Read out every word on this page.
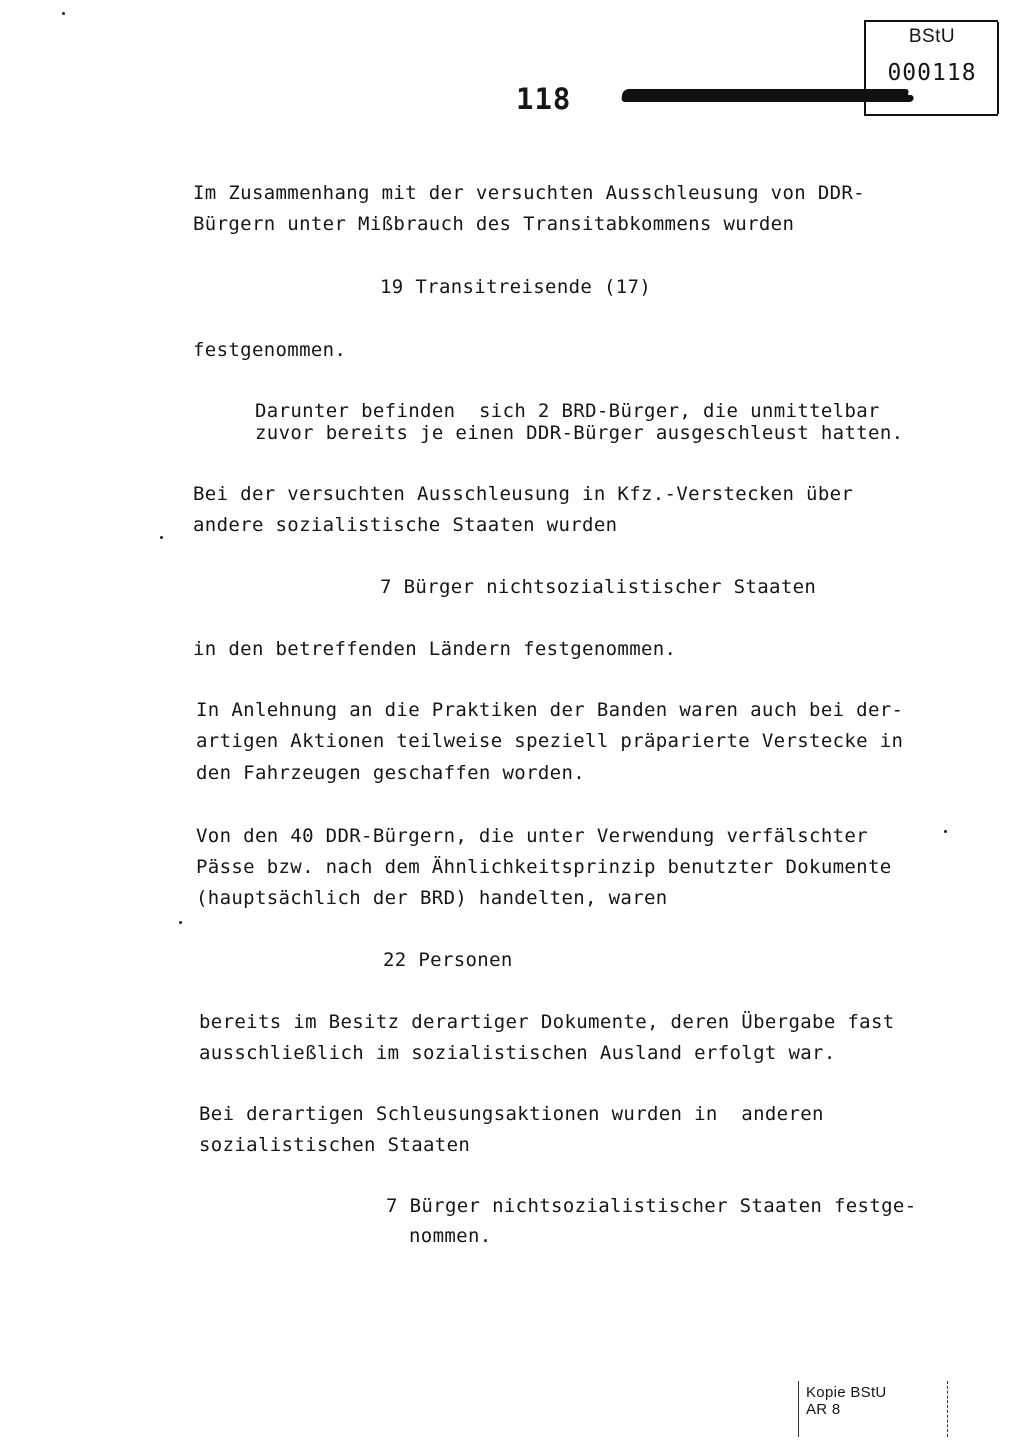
BStU
000118
118
Im Zusammenhang mit der versuchten Ausschleusung von DDR-
Bürgern unter Mißbrauch des Transitabkommens wurden
19 Transitreisende (17)
festgenommen.
Darunter befinden  sich 2 BRD-Bürger, die unmittelbar
zuvor bereits je einen DDR-Bürger ausgeschleust hatten.
Bei der versuchten Ausschleusung in Kfz.-Verstecken über
andere sozialistische Staaten wurden
7 Bürger nichtsozialistischer Staaten
in den betreffenden Ländern festgenommen.
In Anlehnung an die Praktiken der Banden waren auch bei der-
artigen Aktionen teilweise speziell präparierte Verstecke in
den Fahrzeugen geschaffen worden.
Von den 40 DDR-Bürgern, die unter Verwendung verfälschter
Pässe bzw. nach dem Ähnlichkeitsprinzip benutzter Dokumente
(hauptsächlich der BRD) handelten, waren
22 Personen
bereits im Besitz derartiger Dokumente, deren Übergabe fast
ausschließlich im sozialistischen Ausland erfolgt war.
Bei derartigen Schleusungsaktionen wurden in  anderen
sozialistischen Staaten
7 Bürger nichtsozialistischer Staaten festge-
nommen.
Kopie BStU
AR 8
